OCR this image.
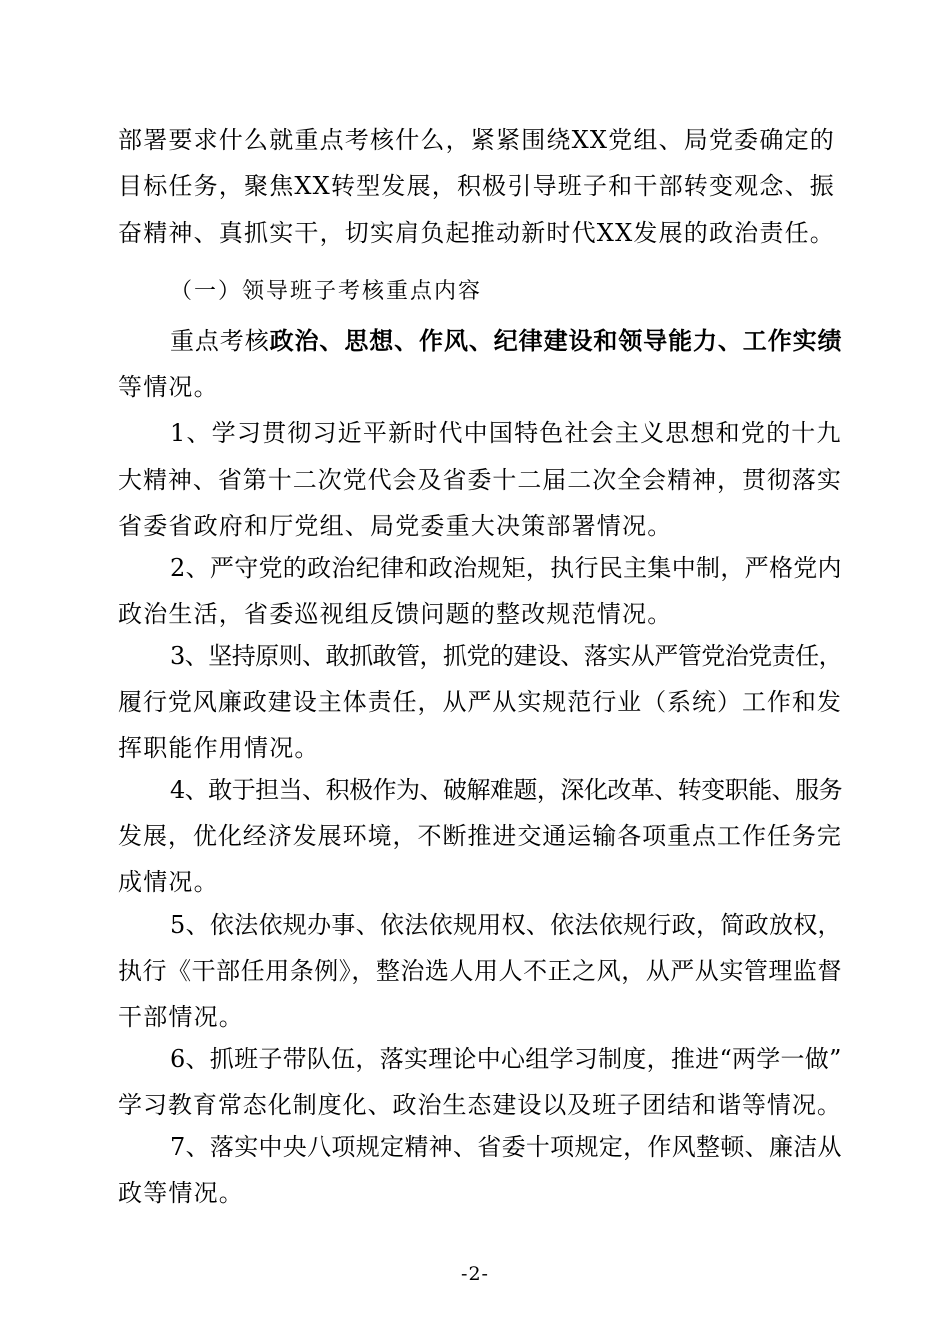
部署要求什么就重点考核什么，紧紧围绕XX党组、局党委确定的
目标任务，聚焦XX转型发展，积极引导班子和干部转变观念、振
奋精神、真抓实干，切实肩负起推动新时代XX发展的政治责任。
（一）领导班子考核重点内容
重点考核政治、思想、作风、纪律建设和领导能力、工作实绩
等情况。
1、学习贯彻习近平新时代中国特色社会主义思想和党的十九
大精神、省第十二次党代会及省委十二届二次全会精神，贯彻落实
省委省政府和厅党组、局党委重大决策部署情况。
2、严守党的政治纪律和政治规矩，执行民主集中制，严格党内
政治生活，省委巡视组反馈问题的整改规范情况。
3、坚持原则、敢抓敢管，抓党的建设、落实从严管党治党责任，
履行党风廉政建设主体责任，从严从实规范行业（系统）工作和发
挥职能作用情况。
4、敢于担当、积极作为、破解难题，深化改革、转变职能、服务
发展，优化经济发展环境，不断推进交通运输各项重点工作任务完
成情况。
5、依法依规办事、依法依规用权、依法依规行政，简政放权，
执行《干部任用条例》，整治选人用人不正之风，从严从实管理监督
干部情况。
6、抓班子带队伍，落实理论中心组学习制度，推进“两学一做”
学习教育常态化制度化、政治生态建设以及班子团结和谐等情况。
7、落实中央八项规定精神、省委十项规定，作风整顿、廉洁从
政等情况。
-2-
